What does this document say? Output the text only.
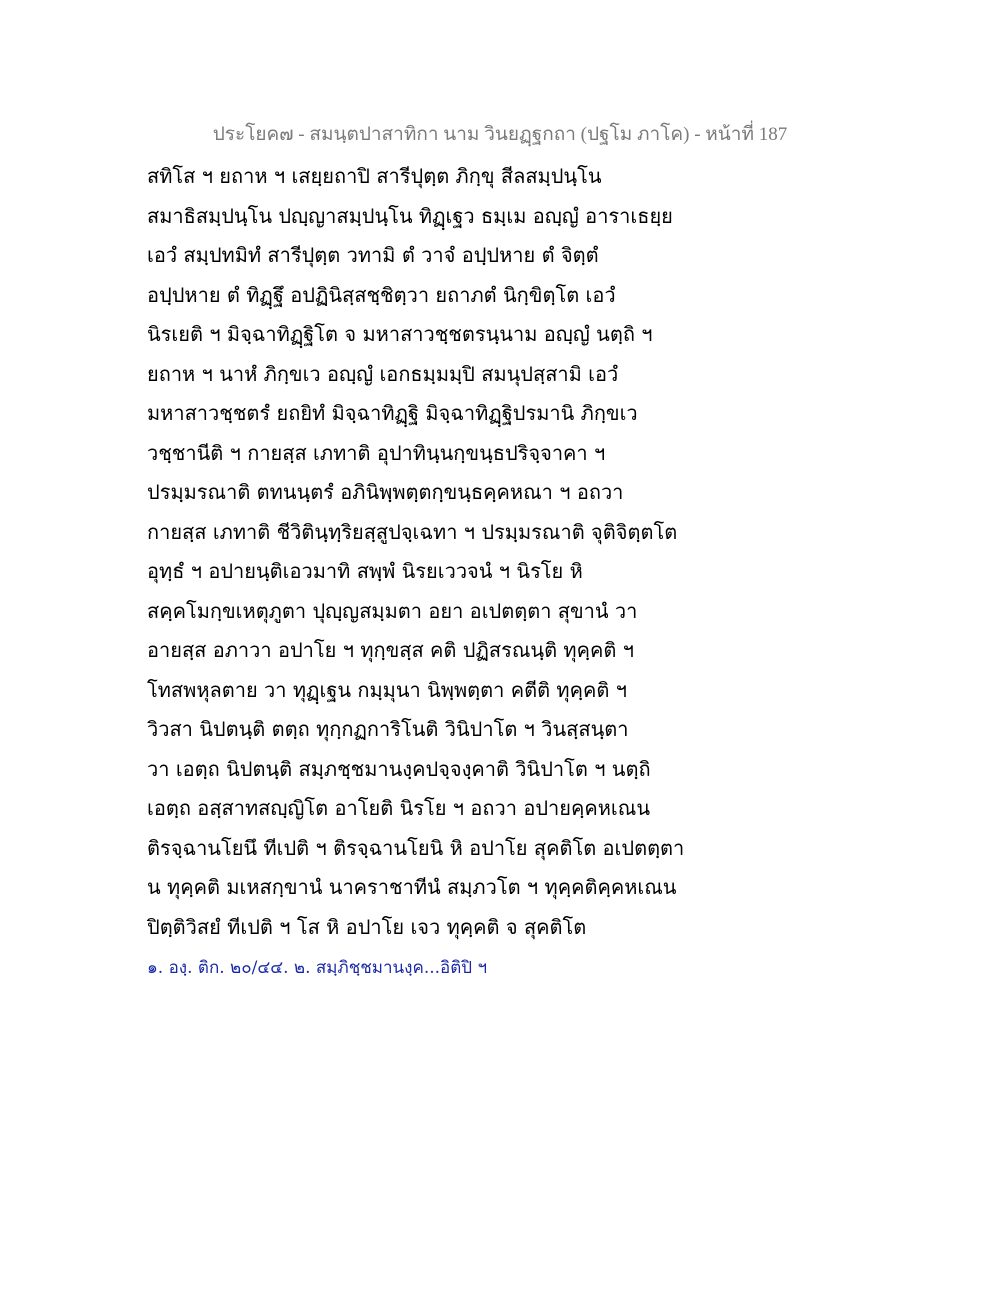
ประโยค๗ - สมนฺตปาสาทิกา นาม วินยฏฺฐกถา (ปฐโม ภาโค) - หน้าที่ 187
สทิโส ฯ ยถาห ฯ เสยฺยถาปิ สารีปุตฺต ภิกฺขุ สีลสมฺปนฺโน
สมาธิสมฺปนฺโน ปญฺญาสมฺปนฺโน ทิฏฺเฐว ธมฺเม อญฺญํ อาราเธยฺย
เอวํ สมฺปทมิทํ สารีปุตฺต วทามิ ตํ วาจํ อปฺปหาย ตํ จิตฺตํ
อปฺปหาย ตํ ทิฏฺฐึ อปฏินิสฺสชฺชิตฺวา ยถาภตํ นิกฺขิตฺโต เอวํ
นิรเยติ ฯ มิจฺฉาทิฏฺฐิโต จ มหาสาวชฺชตรนฺนาม อญฺญํ นตฺถิ ฯ
ยถาห ฯ นาหํ ภิกฺขเว อญฺญํ เอกธมฺมมฺปิ สมนุปสฺสามิ เอวํ
มหาสาวชฺชตรํ ยถยิทํ มิจฺฉาทิฏฺฐิ มิจฺฉาทิฏฺฐิปรมานิ ภิกฺขเว
วชฺชานีติ ฯ กายสฺส เภทาติ อุปาทินฺนกฺขนฺธปริจฺจาคา ฯ
ปรมฺมรณาติ ตทนนฺตรํ อภินิพฺพตฺตกฺขนฺธคฺคหณา ฯ อถวา
กายสฺส เภทาติ ชีวิตินฺทฺริยสฺสูปจฺเฉทา ฯ ปรมฺมรณาติ จุติจิตฺตโต
อุทฺธํ ฯ อปายนฺติเอวมาทิ สพฺพํ นิรยเววจนํ ฯ นิรโย หิ
สคฺคโมกฺขเหตุภูตา ปุญฺญสมฺมตา อยา อเปตตฺตา สุขานํ วา
อายสฺส อภาวา อปาโย ฯ ทุกฺขสฺส คติ ปฏิสรณนฺติ ทุคฺคติ ฯ
โทสพหุลตาย วา ทุฏฺเฐน กมฺมุนา นิพฺพตฺตา คตีติ ทุคฺคติ ฯ
วิวสา นิปตนฺติ ตตฺถ ทุกฺกฏการิโนติ วินิปาโต ฯ วินสฺสนฺตา
วา เอตฺถ นิปตนฺติ สมฺภชฺชมานงฺคปจฺจงฺคาติ วินิปาโต ฯ นตฺถิ
เอตฺถ อสฺสาทสญฺญิโต อาโยติ นิรโย ฯ อถวา อปายคฺคหเณน
ติรจฺฉานโยนึ ทีเปติ ฯ ติรจฺฉานโยนิ หิ อปาโย สุคติโต อเปตตฺตา
น ทุคฺคติ มเหสกฺขานํ นาคราชาทีนํ สมฺภวโต ฯ ทุคฺคติคฺคหเณน
ปิตฺติวิสยํ ทีเปติ ฯ โส หิ อปาโย เจว ทุคฺคติ จ สุคติโต
๑. องฺ. ติก. ๒๐/๔๔. ๒. สมฺภิชฺชมานงฺค...อิติปิ ฯ
